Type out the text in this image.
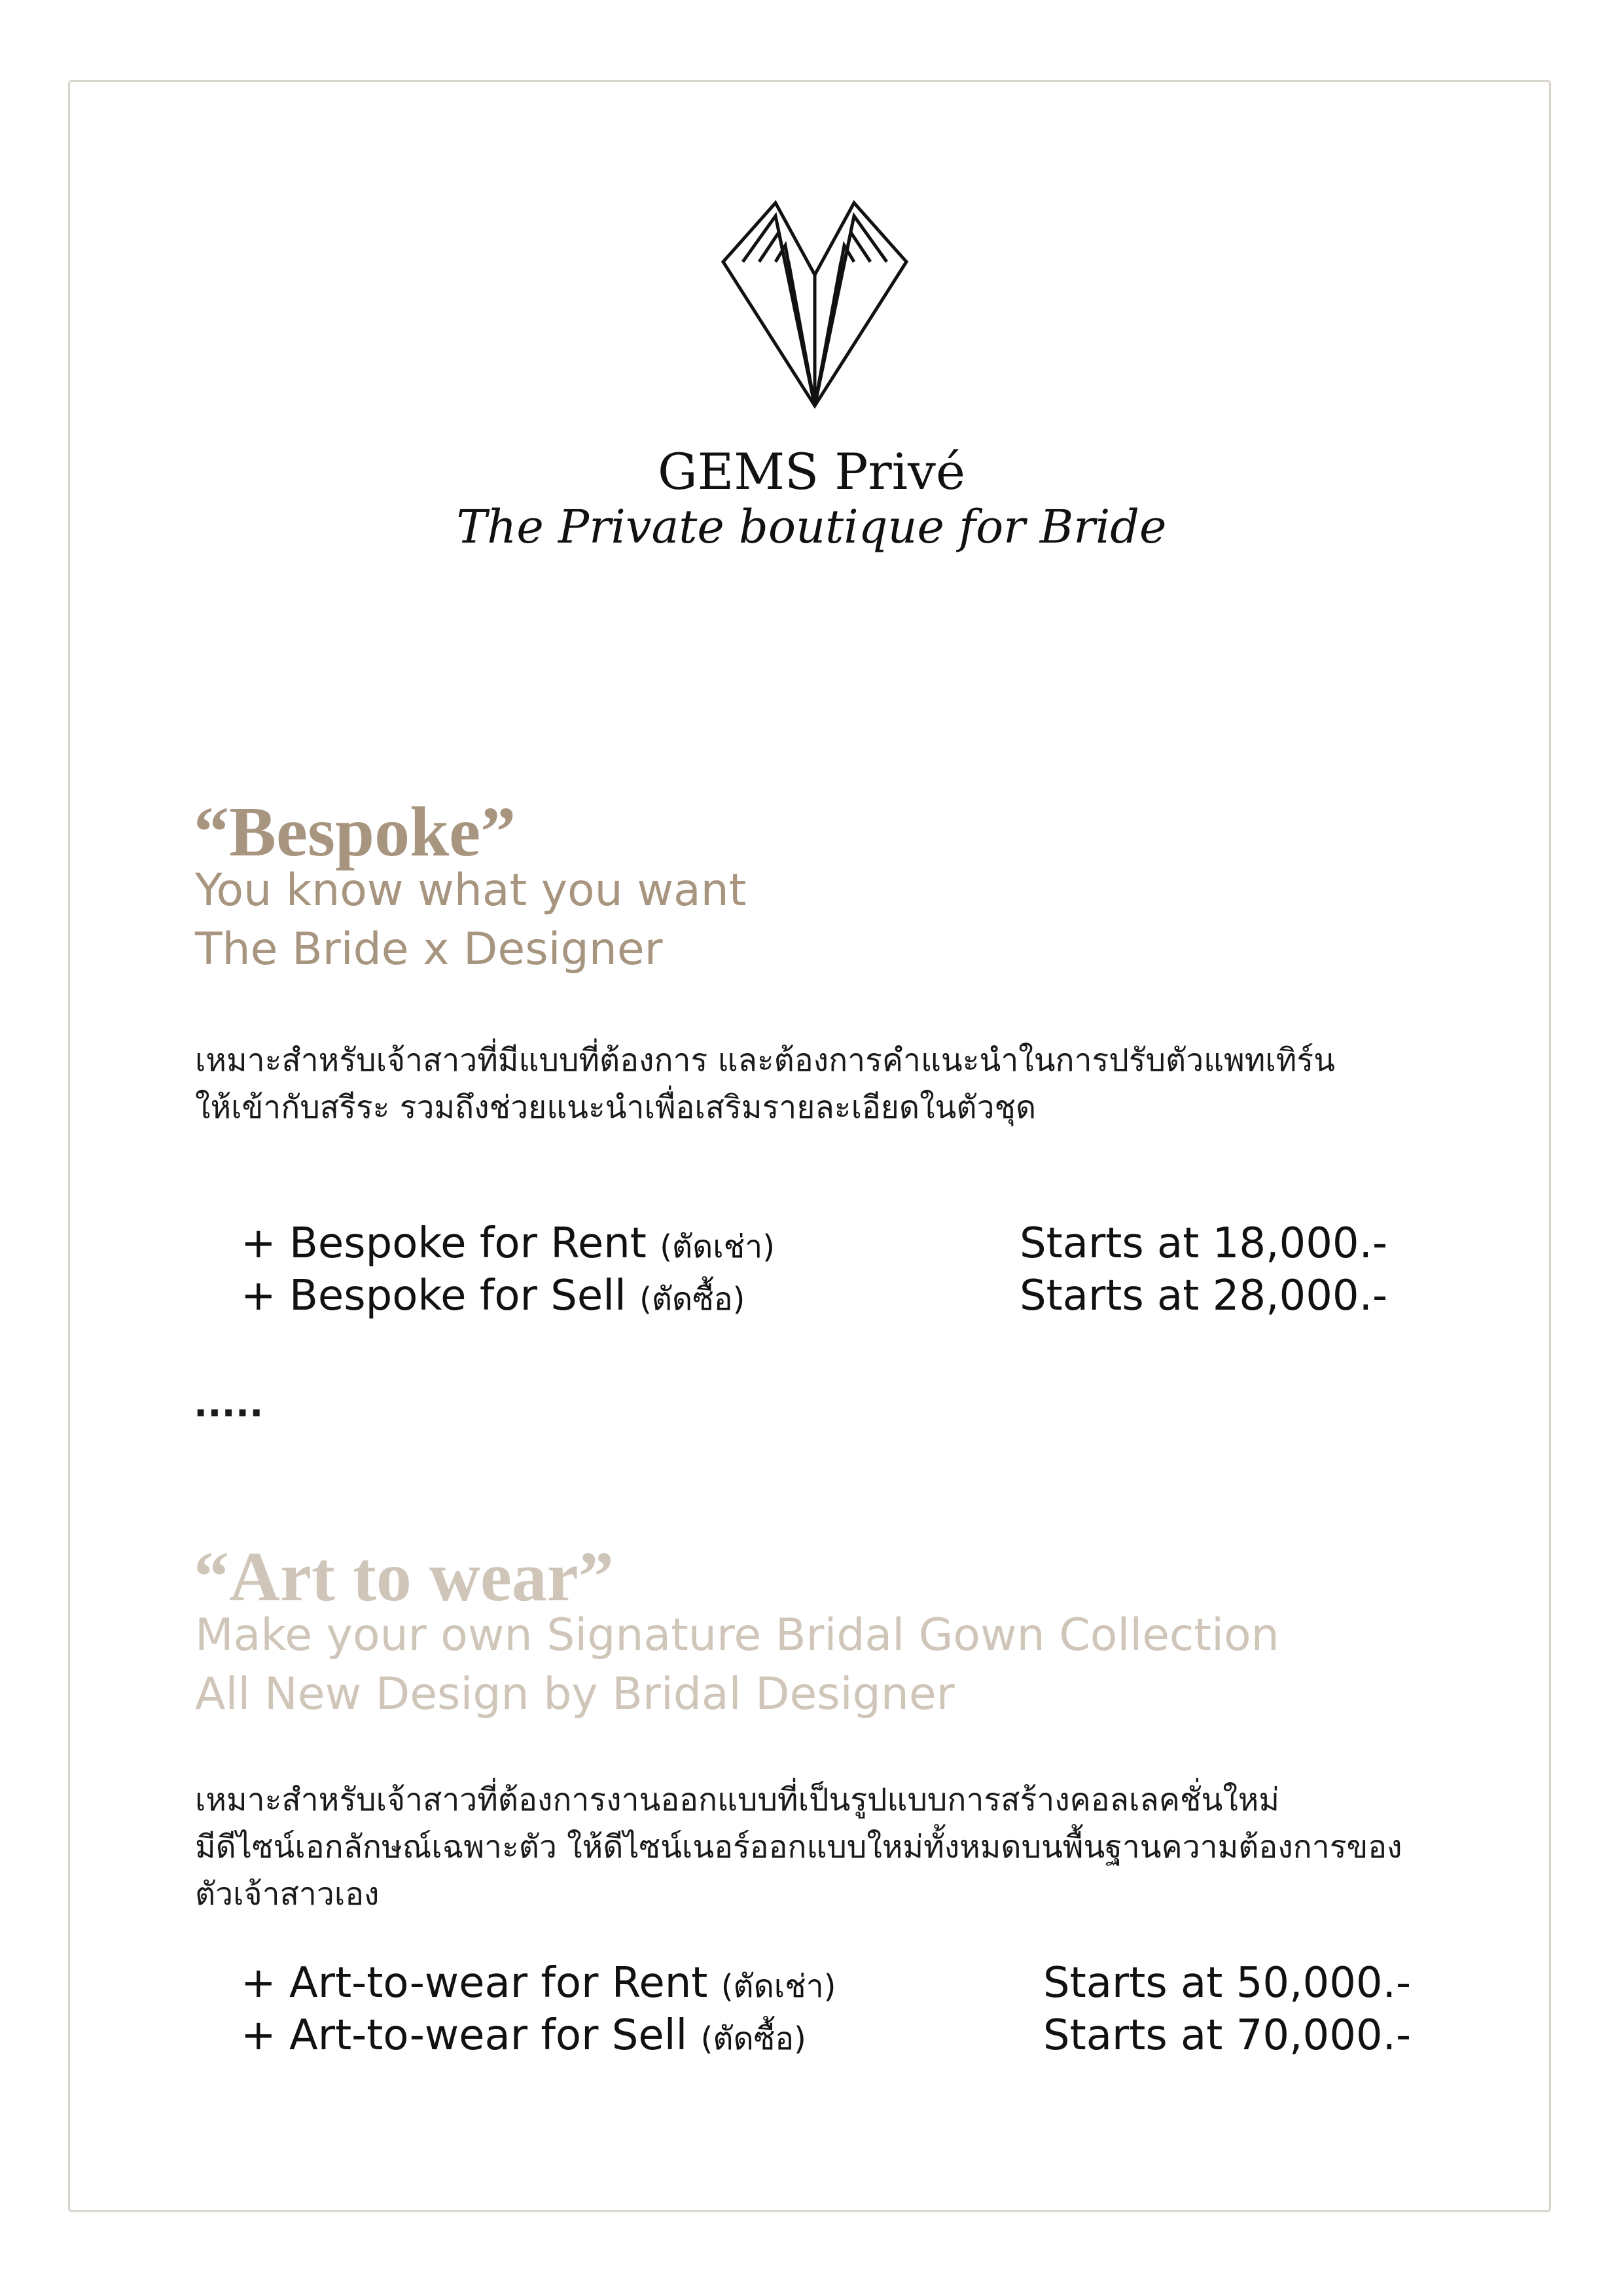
GEMS Privé
The Private boutique for Bride
“Bespoke”
You know what you want
The Bride x Designer
เหมาะสำหรับเจ้าสาวที่มีแบบที่ต้องการ และต้องการคำแนะนำในการปรับตัวแพทเทิร์น
ให้เข้ากับสรีระ รวมถึงช่วยแนะนำเพื่อเสริมรายละเอียดในตัวชุด
+ Bespoke for Rent (ตัดเช่า)	Starts at 18,000.-
+ Bespoke for Sell (ตัดซื้อ)	Starts at 28,000.-
.....
“Art to wear”
Make your own Signature Bridal Gown Collection
All New Design by Bridal Designer
เหมาะสำหรับเจ้าสาวที่ต้องการงานออกแบบที่เป็นรูปแบบการสร้างคอลเลคชั่นใหม่
มีดีไซน์เอกลักษณ์เฉพาะตัว ให้ดีไซน์เนอร์ออกแบบใหม่ทั้งหมดบนพื้นฐานความต้องการของ
ตัวเจ้าสาวเอง
+ Art-to-wear for Rent (ตัดเช่า)	Starts at 50,000.-
+ Art-to-wear for Sell (ตัดซื้อ)	Starts at 70,000.-
